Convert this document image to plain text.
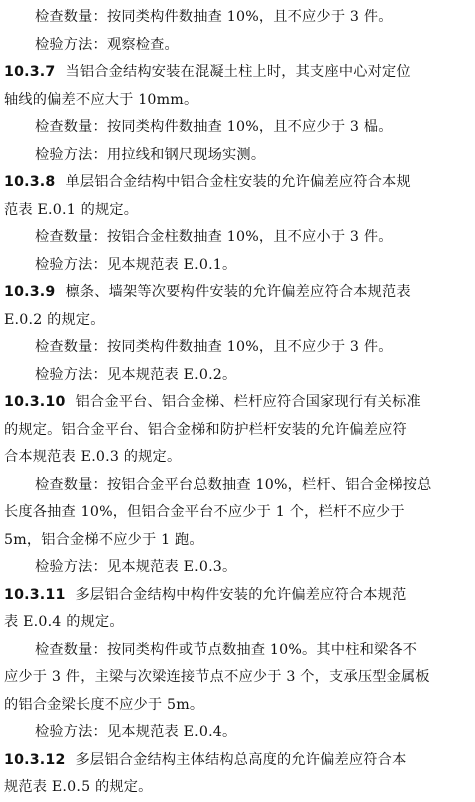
检查数量：按同类构件数抽查 10%，且不应少于 3 件。
检验方法：观察检查。
10.3.7 当铝合金结构安装在混凝土柱上时，其支座中心对定位
轴线的偏差不应大于 10mm。
检查数量：按同类构件数抽查 10%，且不应少于 3 榀。
检验方法：用拉线和钢尺现场实测。
10.3.8 单层铝合金结构中铝合金柱安装的允许偏差应符合本规
范表 E.0.1 的规定。
检查数量：按铝合金柱数抽查 10%，且不应小于 3 件。
检验方法：见本规范表 E.0.1。
10.3.9 檩条、墙架等次要构件安装的允许偏差应符合本规范表
E.0.2 的规定。
检查数量：按同类构件数抽查 10%，且不应少于 3 件。
检验方法：见本规范表 E.0.2。
10.3.10 铝合金平台、铝合金梯、栏杆应符合国家现行有关标准
的规定。铝合金平台、铝合金梯和防护栏杆安装的允许偏差应符
合本规范表 E.0.3 的规定。
检查数量：按铝合金平台总数抽查 10%，栏杆、铝合金梯按总
长度各抽查 10%，但铝合金平台不应少于 1 个，栏杆不应少于
5m，铝合金梯不应少于 1 跑。
检验方法：见本规范表 E.0.3。
10.3.11 多层铝合金结构中构件安装的允许偏差应符合本规范
表 E.0.4 的规定。
检查数量：按同类构件或节点数抽查 10%。其中柱和梁各不
应少于 3 件，主梁与次梁连接节点不应少于 3 个，支承压型金属板
的铝合金梁长度不应少于 5m。
检验方法：见本规范表 E.0.4。
10.3.12 多层铝合金结构主体结构总高度的允许偏差应符合本
规范表 E.0.5 的规定。
